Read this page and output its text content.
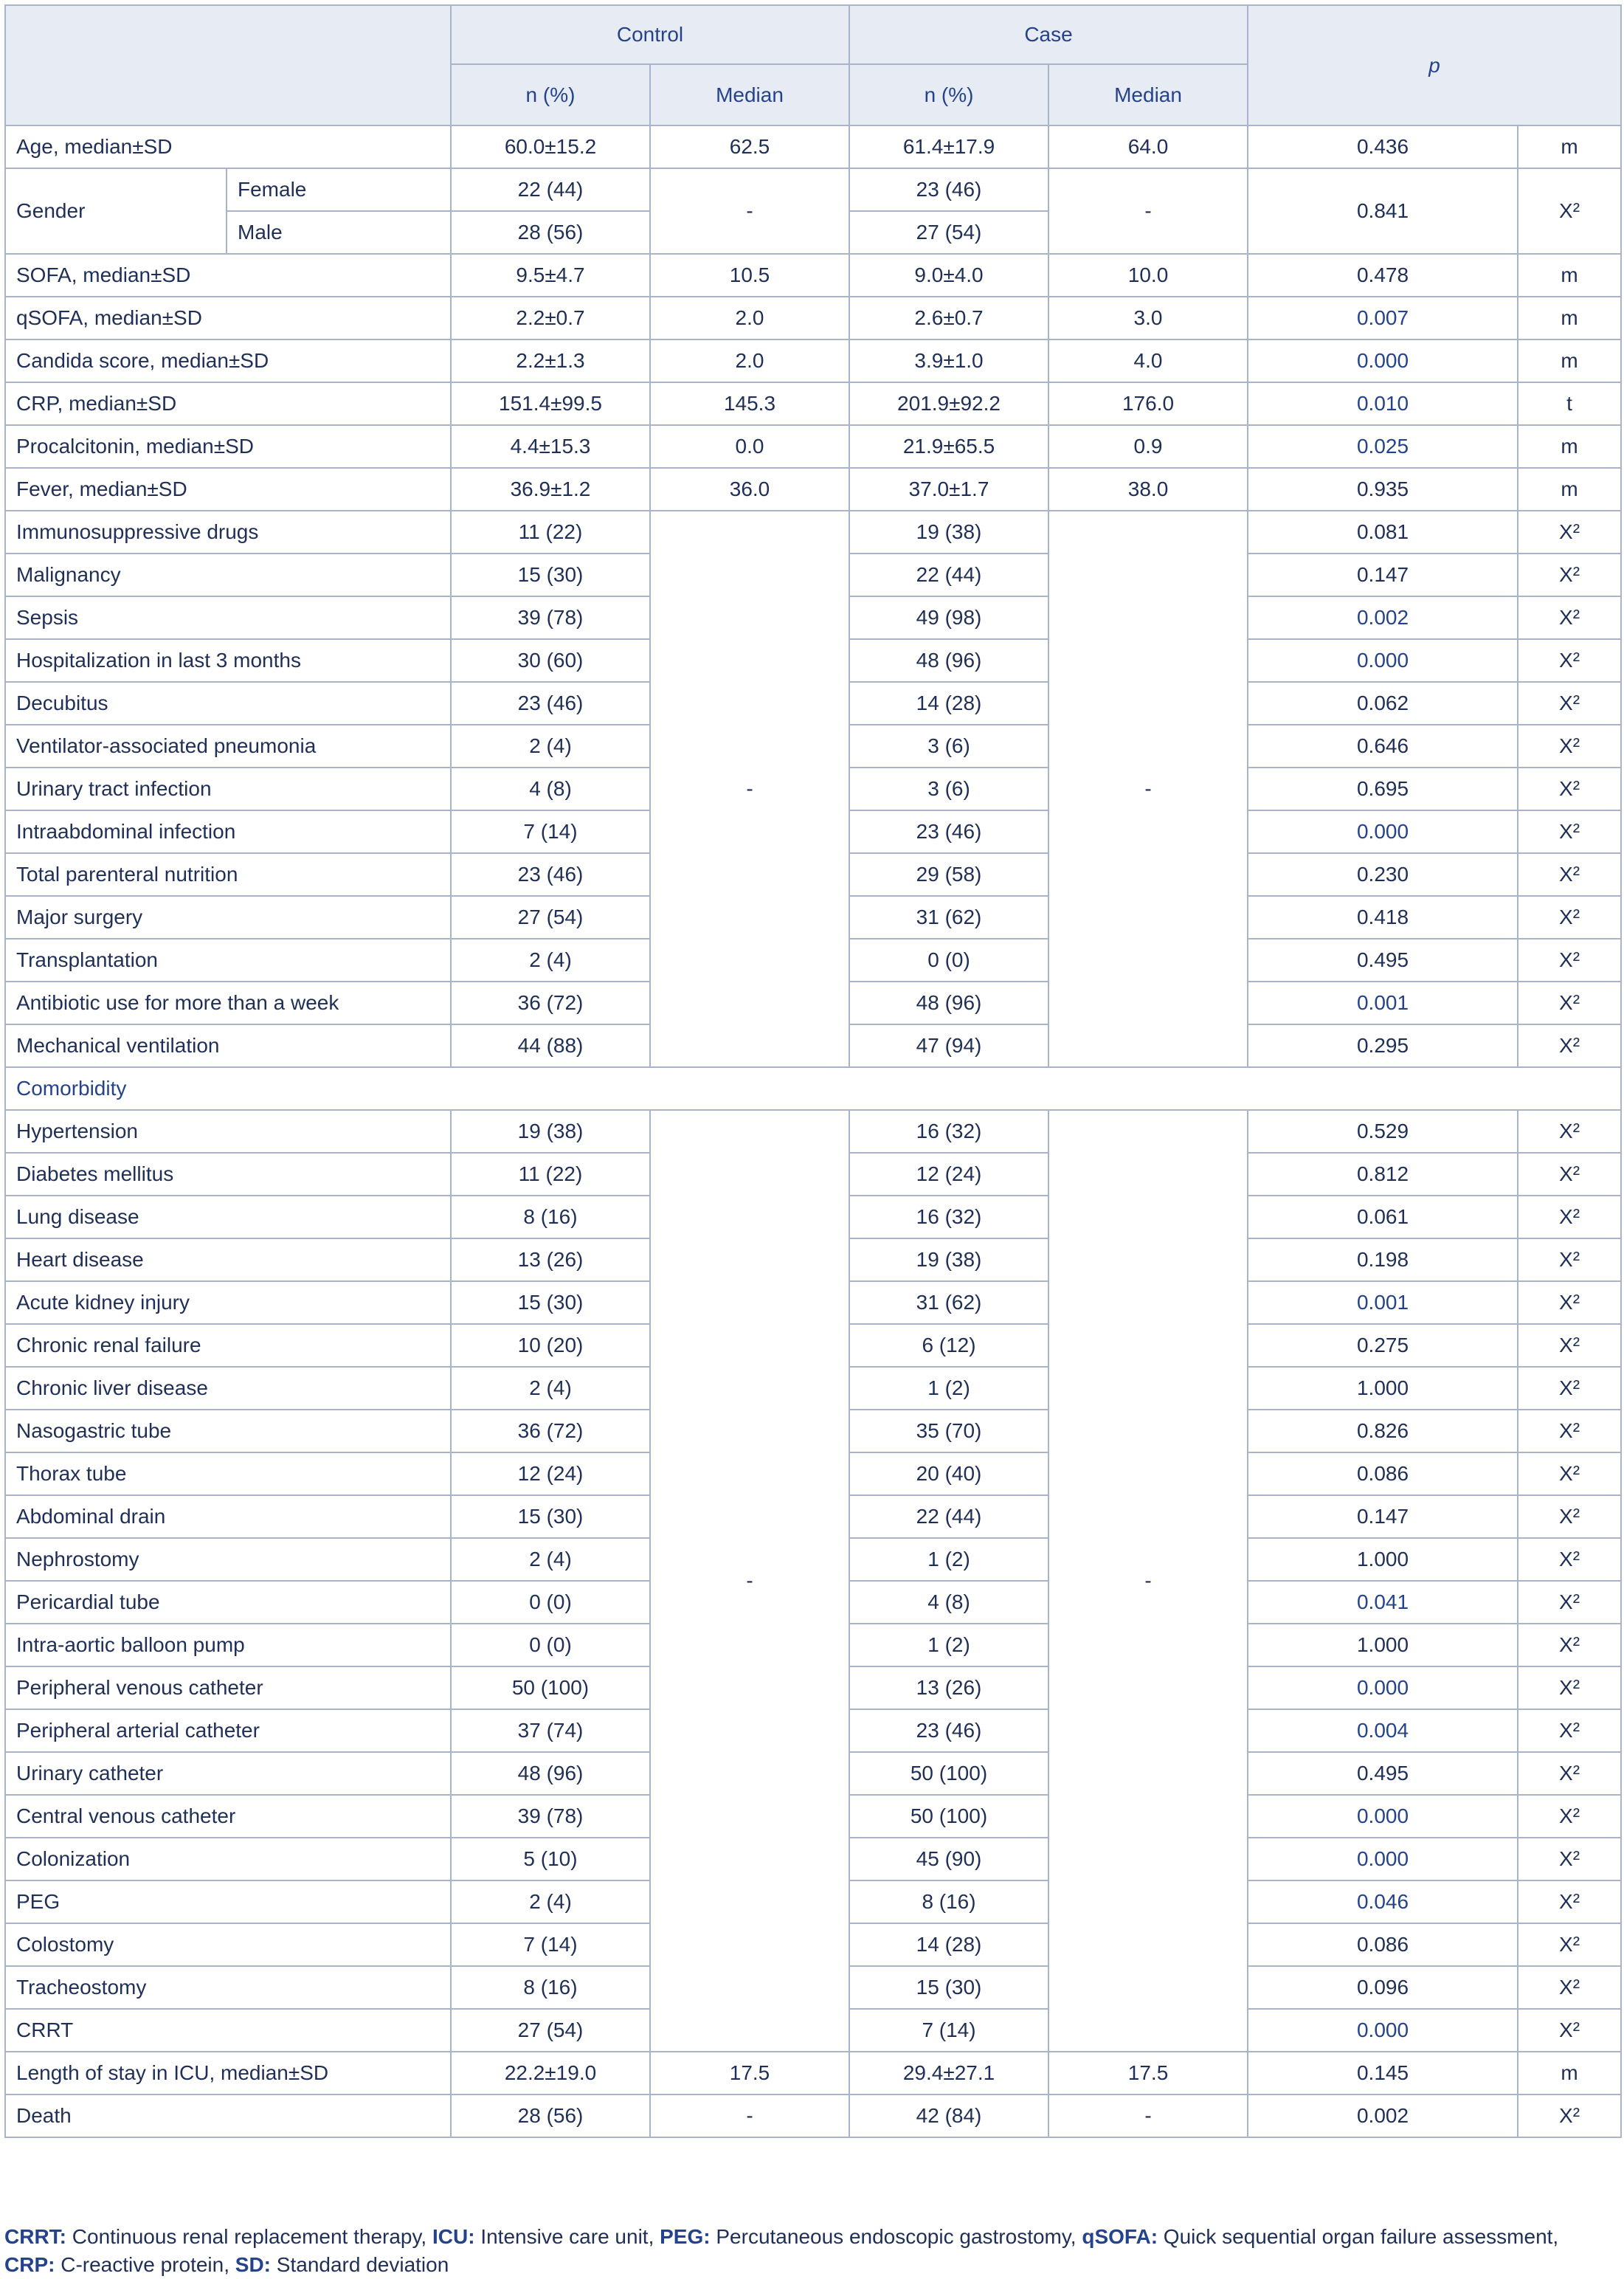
		Control		Case		p	
		n (%)	Median	n (%)	Median		
Age, median±SD		60.0±15.2	62.5	61.4±17.9	64.0	0.436	m
Gender	Female	22 (44)	-	23 (46)	-	0.841	X²
	Male	28 (56)		27 (54)			
SOFA, median±SD		9.5±4.7	10.5	9.0±4.0	10.0	0.478	m
qSOFA, median±SD		2.2±0.7	2.0	2.6±0.7	3.0	0.007	m
Candida score, median±SD		2.2±1.3	2.0	3.9±1.0	4.0	0.000	m
CRP, median±SD		151.4±99.5	145.3	201.9±92.2	176.0	0.010	t
Procalcitonin, median±SD		4.4±15.3	0.0	21.9±65.5	0.9	0.025	m
Fever, median±SD		36.9±1.2	36.0	37.0±1.7	38.0	0.935	m
Immunosuppressive drugs		11 (22)	-	19 (38)	-	0.081	X²
Malignancy		15 (30)		22 (44)		0.147	X²
Sepsis		39 (78)		49 (98)		0.002	X²
Hospitalization in last 3 months		30 (60)		48 (96)		0.000	X²
Decubitus		23 (46)		14 (28)		0.062	X²
Ventilator-associated pneumonia		2 (4)		3 (6)		0.646	X²
Urinary tract infection		4 (8)		3 (6)		0.695	X²
Intraabdominal infection		7 (14)		23 (46)		0.000	X²
Total parenteral nutrition		23 (46)		29 (58)		0.230	X²
Major surgery		27 (54)		31 (62)		0.418	X²
Transplantation		2 (4)		0 (0)		0.495	X²
Antibiotic use for more than a week		36 (72)		48 (96)		0.001	X²
Mechanical ventilation		44 (88)		47 (94)		0.295	X²
Comorbidity							
Hypertension		19 (38)	-	16 (32)	-	0.529	X²
Diabetes mellitus		11 (22)		12 (24)		0.812	X²
Lung disease		8 (16)		16 (32)		0.061	X²
Heart disease		13 (26)		19 (38)		0.198	X²
Acute kidney injury		15 (30)		31 (62)		0.001	X²
Chronic renal failure		10 (20)		6 (12)		0.275	X²
Chronic liver disease		2 (4)		1 (2)		1.000	X²
Nasogastric tube		36 (72)		35 (70)		0.826	X²
Thorax tube		12 (24)		20 (40)		0.086	X²
Abdominal drain		15 (30)		22 (44)		0.147	X²
Nephrostomy		2 (4)		1 (2)		1.000	X²
Pericardial tube		0 (0)		4 (8)		0.041	X²
Intra-aortic balloon pump		0 (0)		1 (2)		1.000	X²
Peripheral venous catheter		50 (100)		13 (26)		0.000	X²
Peripheral arterial catheter		37 (74)		23 (46)		0.004	X²
Urinary catheter		48 (96)		50 (100)		0.495	X²
Central venous catheter		39 (78)		50 (100)		0.000	X²
Colonization		5 (10)		45 (90)		0.000	X²
PEG		2 (4)		8 (16)		0.046	X²
Colostomy		7 (14)		14 (28)		0.086	X²
Tracheostomy		8 (16)		15 (30)		0.096	X²
CRRT		27 (54)		7 (14)		0.000	X²
Length of stay in ICU, median±SD		22.2±19.0	17.5	29.4±27.1	17.5	0.145	m
Death		28 (56)	-	42 (84)	-	0.002	X²
CRRT: Continuous renal replacement therapy, ICU: Intensive care unit, PEG: Percutaneous endoscopic gastrostomy, qSOFA: Quick sequential organ failure assessment,
CRP: C-reactive protein, SD: Standard deviation
